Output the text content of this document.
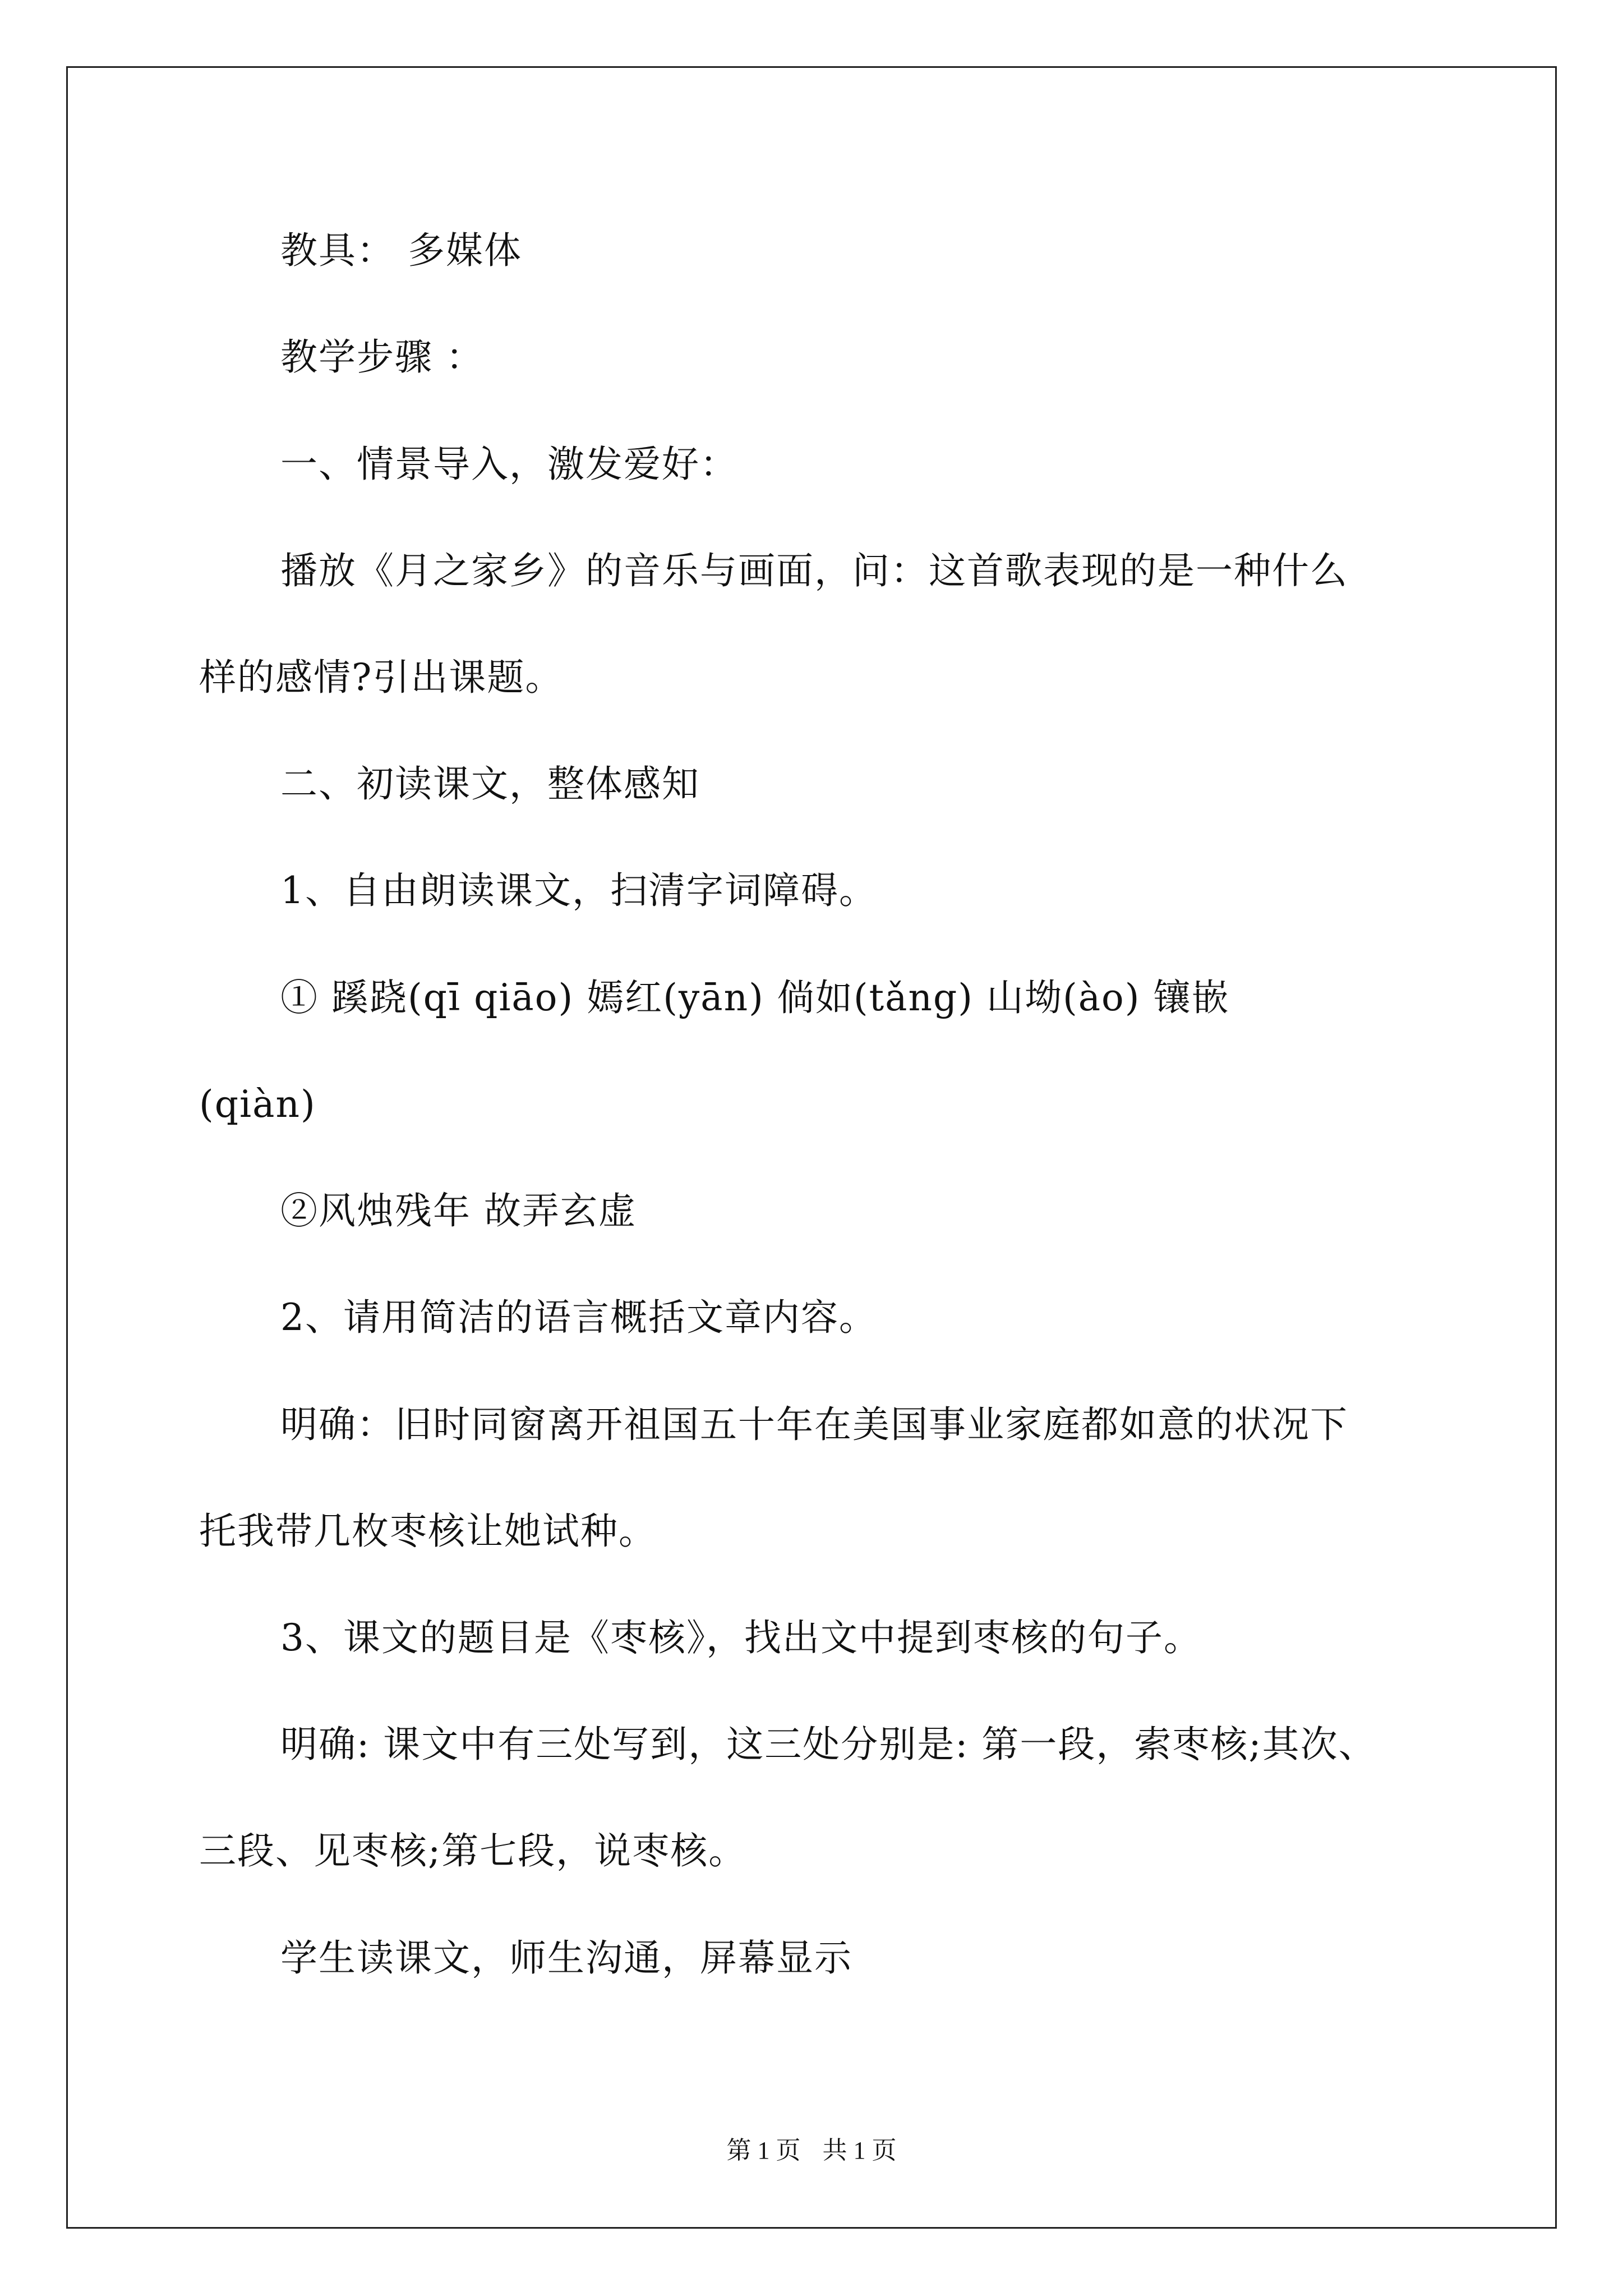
教具： 多媒体
教学步骤 ：
一、情景导入，激发爱好：
播放《月之家乡》的音乐与画面，问：这首歌表现的是一种什么
样的感情?引出课题。
二、初读课文，整体感知
1、自由朗读课文，扫清字词障碍。
① 蹊跷(qī qiāo) 嫣红(yān) 倘如(tǎng) 山坳(ào) 镶嵌
(qiàn)
②风烛残年 故弄玄虚
2、请用简洁的语言概括文章内容。
明确：旧时同窗离开祖国五十年在美国事业家庭都如意的状况下
托我带几枚枣核让她试种。
3、课文的题目是《枣核》，找出文中提到枣核的句子。
明确: 课文中有三处写到，这三处分别是: 第一段，索枣核;其次、
三段、见枣核;第七段，说枣核。
学生读课文，师生沟通，屏幕显示
第 1 页 共 1 页
